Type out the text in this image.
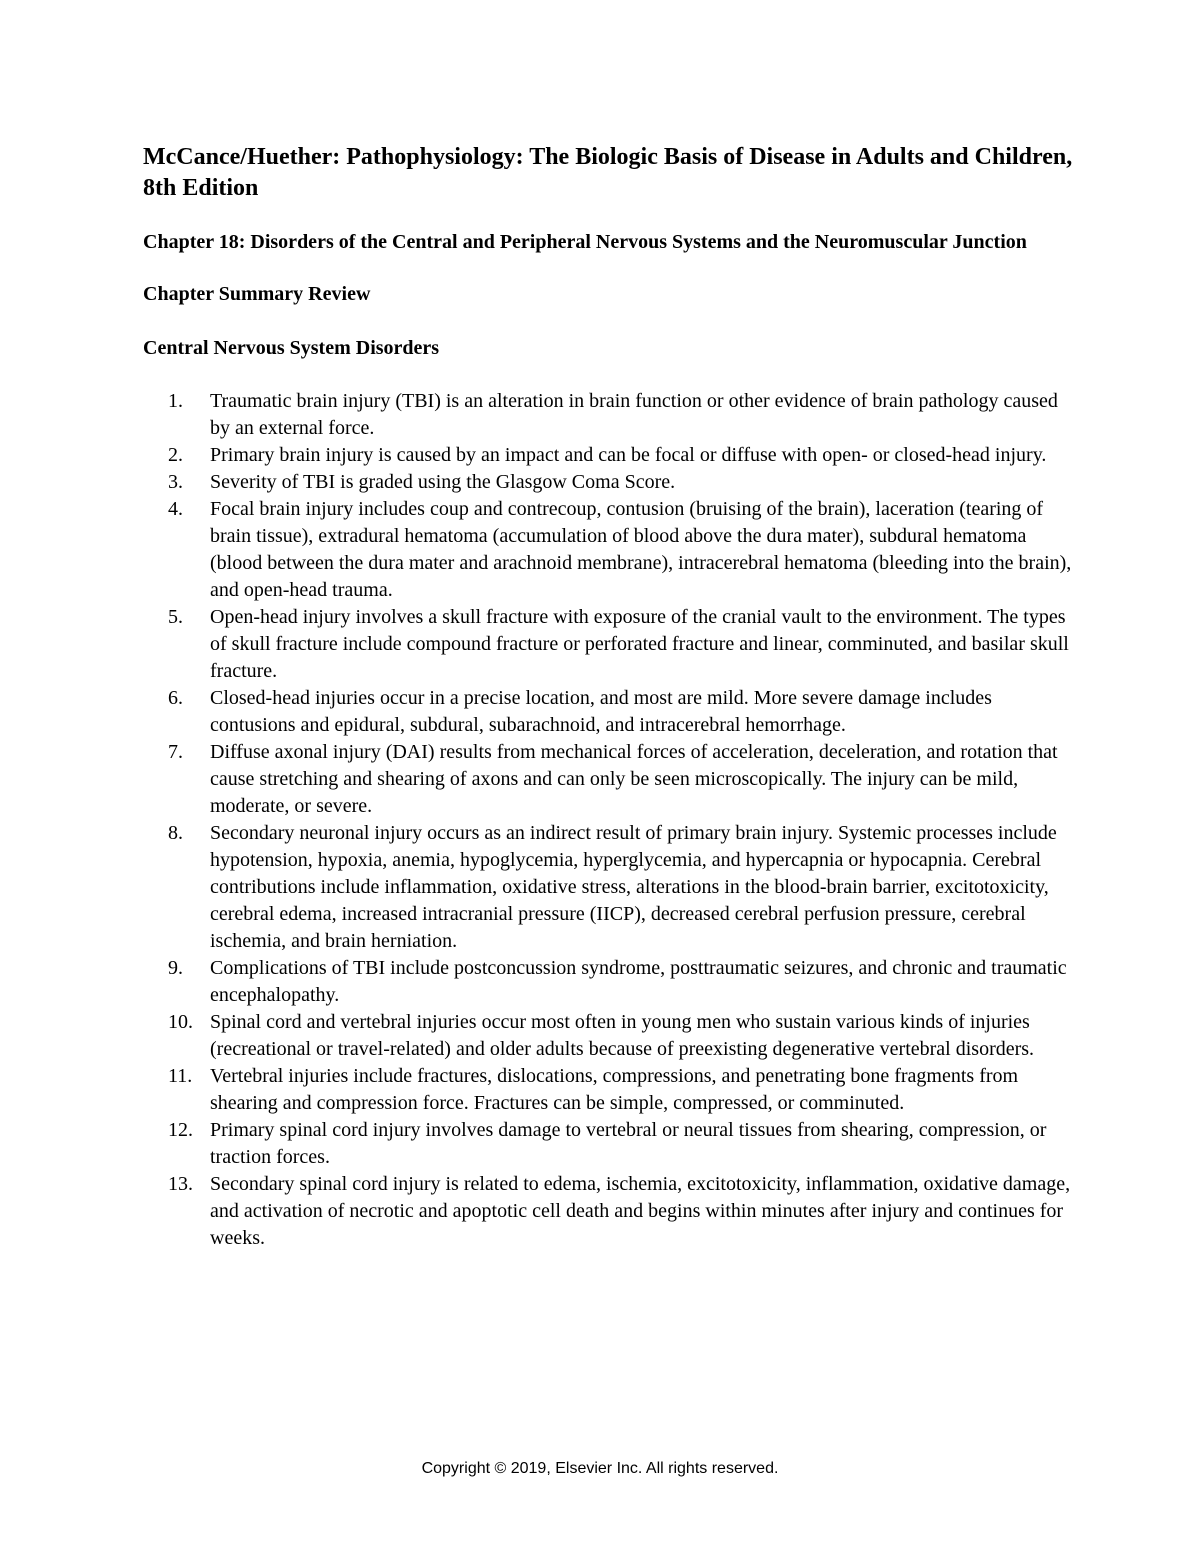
McCance/Huether: Pathophysiology: The Biologic Basis of Disease in Adults and Children, 8th Edition
Chapter 18: Disorders of the Central and Peripheral Nervous Systems and the Neuromuscular Junction
Chapter Summary Review
Central Nervous System Disorders
1. Traumatic brain injury (TBI) is an alteration in brain function or other evidence of brain pathology caused by an external force.
2. Primary brain injury is caused by an impact and can be focal or diffuse with open- or closed-head injury.
3. Severity of TBI is graded using the Glasgow Coma Score.
4. Focal brain injury includes coup and contrecoup, contusion (bruising of the brain), laceration (tearing of brain tissue), extradural hematoma (accumulation of blood above the dura mater), subdural hematoma (blood between the dura mater and arachnoid membrane), intracerebral hematoma (bleeding into the brain), and open-head trauma.
5. Open-head injury involves a skull fracture with exposure of the cranial vault to the environment. The types of skull fracture include compound fracture or perforated fracture and linear, comminuted, and basilar skull fracture.
6. Closed-head injuries occur in a precise location, and most are mild. More severe damage includes contusions and epidural, subdural, subarachnoid, and intracerebral hemorrhage.
7. Diffuse axonal injury (DAI) results from mechanical forces of acceleration, deceleration, and rotation that cause stretching and shearing of axons and can only be seen microscopically. The injury can be mild, moderate, or severe.
8. Secondary neuronal injury occurs as an indirect result of primary brain injury. Systemic processes include hypotension, hypoxia, anemia, hypoglycemia, hyperglycemia, and hypercapnia or hypocapnia. Cerebral contributions include inflammation, oxidative stress, alterations in the blood-brain barrier, excitotoxicity, cerebral edema, increased intracranial pressure (IICP), decreased cerebral perfusion pressure, cerebral ischemia, and brain herniation.
9. Complications of TBI include postconcussion syndrome, posttraumatic seizures, and chronic and traumatic encephalopathy.
10. Spinal cord and vertebral injuries occur most often in young men who sustain various kinds of injuries (recreational or travel-related) and older adults because of preexisting degenerative vertebral disorders.
11. Vertebral injuries include fractures, dislocations, compressions, and penetrating bone fragments from shearing and compression force. Fractures can be simple, compressed, or comminuted.
12. Primary spinal cord injury involves damage to vertebral or neural tissues from shearing, compression, or traction forces.
13. Secondary spinal cord injury is related to edema, ischemia, excitotoxicity, inflammation, oxidative damage, and activation of necrotic and apoptotic cell death and begins within minutes after injury and continues for weeks.
Copyright © 2019, Elsevier Inc. All rights reserved.
